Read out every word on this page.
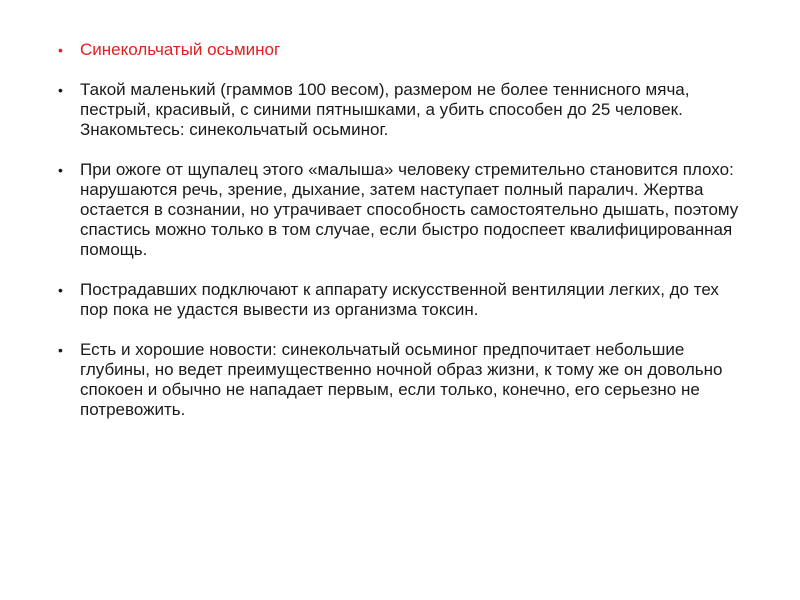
• Синекольчатый осьминог
• Такой маленький (граммов 100 весом), размером не более теннисного мяча, пестрый, красивый, с синими пятнышками, а убить способен до 25 человек. Знакомьтесь: синекольчатый осьминог.
• При ожоге от щупалец этого «малыша» человеку стремительно становится плохо: нарушаются речь, зрение, дыхание, затем наступает полный паралич. Жертва остается в сознании, но утрачивает способность самостоятельно дышать, поэтому спастись можно только в том случае, если быстро подоспеет квалифицированная помощь.
• Пострадавших подключают к аппарату искусственной вентиляции легких, до тех пор пока не удастся вывести из организма токсин.
• Есть и хорошие новости: синекольчатый осьминог предпочитает небольшие глубины, но ведет преимущественно ночной образ жизни, к тому же он довольно спокоен и обычно не нападает первым, если только, конечно, его серьезно не потревожить.
